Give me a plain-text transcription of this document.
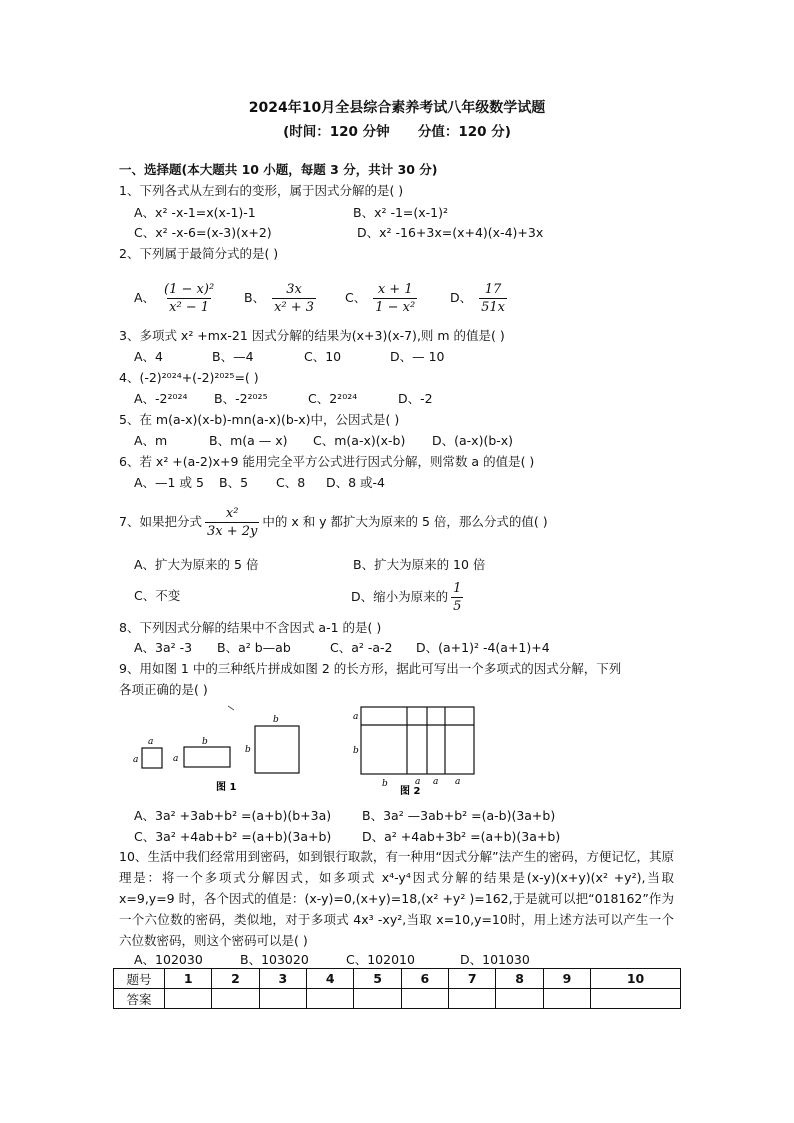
2024年10月全县综合素养考试八年级数学试题
(时间：120 分钟      分值：120 分)
一、选择题(本大题共 10 小题，每题 3 分，共计 30 分)
1、下列各式从左到右的变形，属于因式分解的是( )
A、x² -x-1=x(x-1)-1	B、x² -1=(x-1)²
C、x² -x-6=(x-3)(x+2)	D、x² -16+3x=(x+4)(x-4)+3x
2、下列属于最简分式的是( )
A、 $\frac{\text{(1 − x)²}}{\text{x² − 1}}$ B、 $\frac{3x}{\text{x² + 3}}$ C、 $\frac{x + 1}{\text{1 − x²}}$	D、 $\frac{17}{51x}$
3、多项式 x² +mx-21 因式分解的结果为(x+3)(x-7),则 m 的值是( )
A、4	B、—4	C、10	D、— 10
4、(-2)²⁰²⁴+(-2)²⁰²⁵=( )
A、-2²⁰²⁴ B、-2²⁰²⁵	C、2²⁰²⁴	D、-2
5、在 m(a-x)(x-b)-mn(a-x)(b-x)中，公因式是( )
A、m	B、m(a — x) C、m(a-x)(x-b) D、(a-x)(b-x)
6、若 x² +(a-2)x+9 能用完全平方公式进行因式分解，则常数 a 的值是( )
A、—1 或 5 B、5 C、8 D、8 或-4
7、如果把分式 $\frac{\text{x²}}{3x + 2y}$ 中的 x 和 y 都扩大为原来的 5 倍，那么分式的值( )
A、扩大为原来的 5 倍	B、扩大为原来的 10 倍
C、不变	D、缩小为原来的 $\frac{1}{5}$
8、下列因式分解的结果中不含因式 a-1 的是( )
A、3a² -3 B、a² b—ab	C、a² -a-2 D、(a+1)² -4(a+1)+4
9、用如图 1 中的三种纸片拼成如图 2 的长方形，据此可写出一个多项式的因式分解，下列
各项正确的是( )
a
a
b
a
b
b
图 1
a
b
b	a a a
图 2
A、3a² +3ab+b² =(a+b)(b+3a) B、3a² —3ab+b² =(a-b)(3a+b)
C、3a² +4ab+b² =(a+b)(3a+b) D、a² +4ab+3b² =(a+b)(3a+b)
10、生活中我们经常用到密码，如到银行取款，有一种用“因式分解”法产生的密码，方便记忆，其原理是：将一个多项式分解因式，如多项式 x⁴-y⁴因式分解的结果是(x-y)(x+y)(x² +y²),当取 x=9,y=9 时，各个因式的值是：(x-y)=0,(x+y)=18,(x² +y² )=162,于是就可以把“018162”作为一个六位数的密码，类似地，对于多项式 4x³ -xy²,当取 x=10,y=10时，用上述方法可以产生一个六位数密码，则这个密码可以是( )
A、102030	B、103020	C、102010	D、101030
题号	1	2	3	4	5	6	7	8	9	10
答案										
